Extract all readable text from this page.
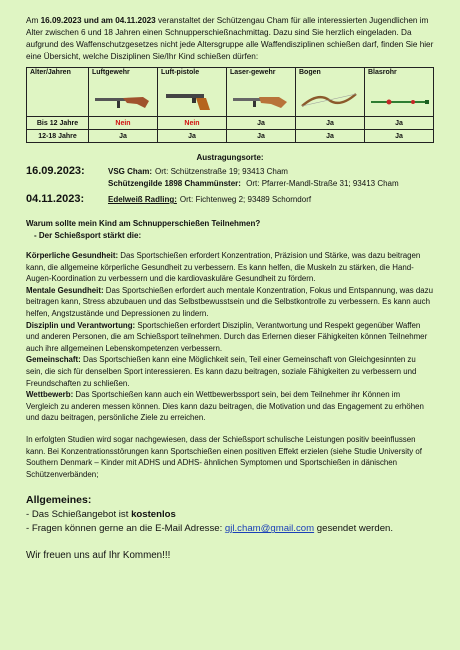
Am 16.09.2023 und am 04.11.2023 veranstaltet der Schützengau Cham für alle interessierten Jugendlichen im Alter zwischen 6 und 18 Jahren einen Schnupperschießnachmittag. Dazu sind Sie herzlich eingeladen. Da aufgrund des Waffenschutzgesetzes nicht jede Altersgruppe alle Waffendisziplinen schießen darf, finden Sie hier eine Übersicht, welche Disziplinen Sie/Ihr Kind schießen dürfen:
Alter/Jahren	Luftgewehr	Luft-pistole	Laser-gewehr	Bogen	Blasrohr

Bis 12 Jahre	Nein	Nein	Ja	Ja	Ja
12-18 Jahre	Ja	Ja	Ja	Ja	Ja
Austragungsorte:
16.09.2023:	VSG Cham: Ort: Schützenstraße 19; 93413 Cham
Schützengilde 1898 Chammünster: Ort: Pfarrer-Mandl-Straße 31; 93413 Cham
04.11.2023:	Edelweiß Radling: Ort: Fichtenweg 2; 93489 Schorndorf
Warum sollte mein Kind am Schnupperschießen Teilnehmen?
- Der Schießsport stärkt die:

Körperliche Gesundheit: Das Sportschießen erfordert Konzentration, Präzision und Stärke, was dazu beitragen kann, die allgemeine körperliche Gesundheit zu verbessern. Es kann helfen, die Muskeln zu stärken, die Hand-Augen-Koordination zu verbessern und die kardiovaskuläre Gesundheit zu fördern.

Mentale Gesundheit: Das Sportschießen erfordert auch mentale Konzentration, Fokus und Entspannung, was dazu beitragen kann, Stress abzubauen und das Selbstbewusstsein und die Selbstkontrolle zu verbessern. Es kann auch helfen, Angstzustände und Depressionen zu lindern.

Disziplin und Verantwortung: Sportschießen erfordert Disziplin, Verantwortung und Respekt gegenüber Waffen und anderen Personen, die am Schießsport teilnehmen. Durch das Erlernen dieser Fähigkeiten können Teilnehmer auch ihre allgemeinen Lebenskompetenzen verbessern.

Gemeinschaft: Das Sportschießen kann eine Möglichkeit sein, Teil einer Gemeinschaft von Gleichgesinnten zu sein, die sich für denselben Sport interessieren. Es kann dazu beitragen, soziale Fähigkeiten zu verbessern und Freundschaften zu schließen.

Wettbewerb: Das Sportschießen kann auch ein Wettbewerbssport sein, bei dem Teilnehmer ihr Können im Vergleich zu anderen messen können. Dies kann dazu beitragen, die Motivation und das Engagement zu erhöhen und dazu beitragen, persönliche Ziele zu erreichen.

In erfolgten Studien wird sogar nachgewiesen, dass der Schießsport schulische Leistungen positiv beeinflussen kann. Bei Konzentrationsstörungen kann Sportschießen einen positiven Effekt erzielen (siehe Studie University of Southern Denmark – Kinder mit ADHS und ADHS- ähnlichen Symptomen und Sportschießen in dänischen Schützenverbänden;
Allgemeines:
- Das Schießangebot ist kostenlos
- Fragen können gerne an die E-Mail Adresse: gjl.cham@gmail.com gesendet werden.
Wir freuen uns auf Ihr Kommen!!!
